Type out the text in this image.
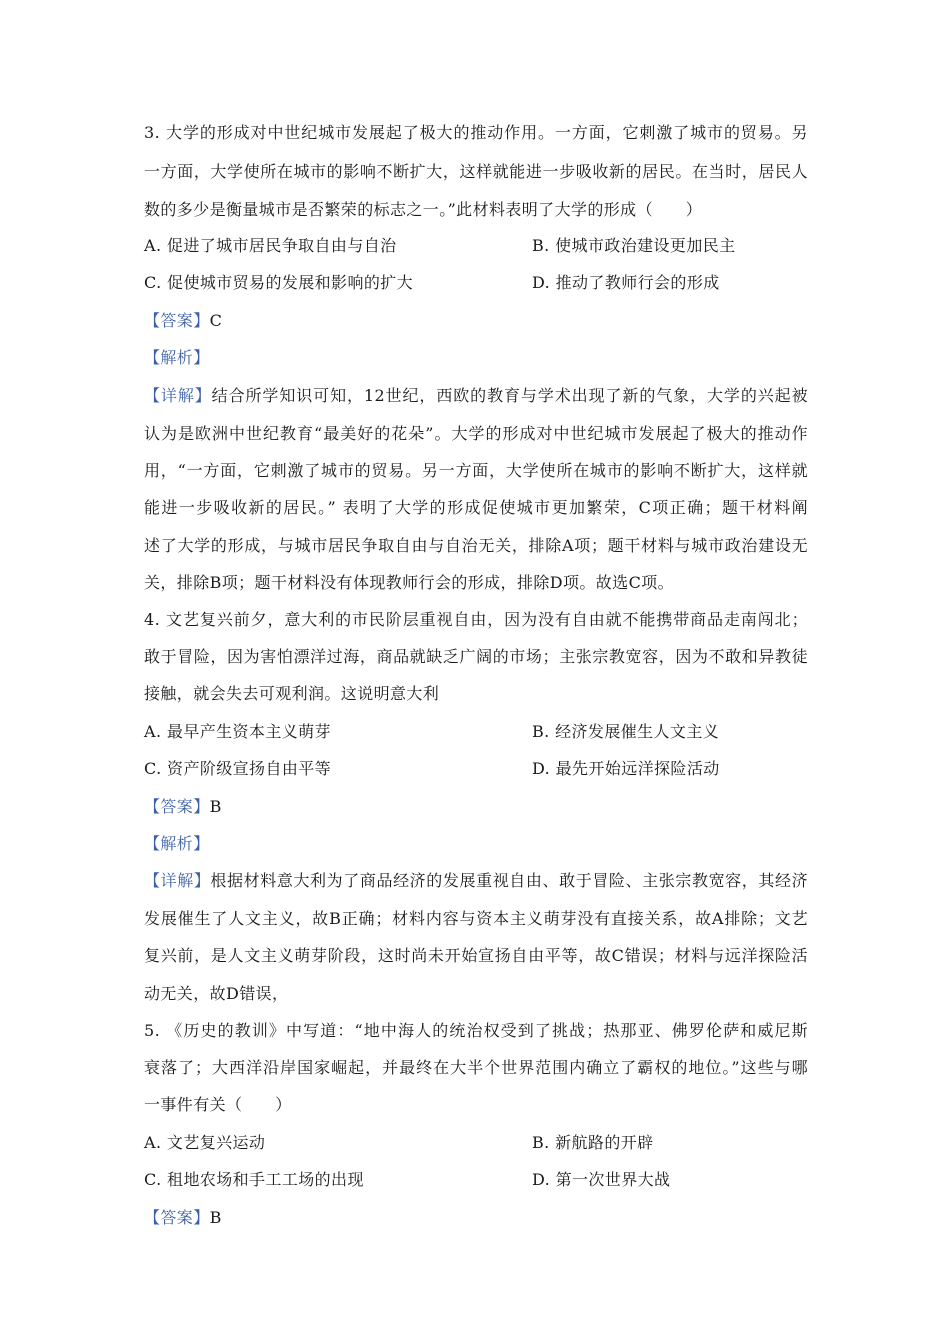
3. 大学的形成对中世纪城市发展起了极大的推动作用。一方面，它刺激了城市的贸易。另
一方面，大学使所在城市的影响不断扩大，这样就能进一步吸收新的居民。在当时，居民人
数的多少是衡量城市是否繁荣的标志之一。”此材料表明了大学的形成（　　）
A. 促进了城市居民争取自由与自治	B. 使城市政治建设更加民主
C. 促使城市贸易的发展和影响的扩大	D. 推动了教师行会的形成
【答案】C
【解析】
【详解】结合所学知识可知，12世纪，西欧的教育与学术出现了新的气象，大学的兴起被
认为是欧洲中世纪教育“最美好的花朵”。大学的形成对中世纪城市发展起了极大的推动作
用，“一方面，它刺激了城市的贸易。另一方面，大学使所在城市的影响不断扩大，这样就
能进一步吸收新的居民。” 表明了大学的形成促使城市更加繁荣，C项正确；题干材料阐
述了大学的形成，与城市居民争取自由与自治无关，排除A项；题干材料与城市政治建设无
关，排除B项；题干材料没有体现教师行会的形成，排除D项。故选C项。
4. 文艺复兴前夕，意大利的市民阶层重视自由，因为没有自由就不能携带商品走南闯北；
敢于冒险，因为害怕漂洋过海，商品就缺乏广阔的市场；主张宗教宽容，因为不敢和异教徒
接触，就会失去可观利润。这说明意大利
A. 最早产生资本主义萌芽	B. 经济发展催生人文主义
C. 资产阶级宣扬自由平等	D. 最先开始远洋探险活动
【答案】B
【解析】
【详解】根据材料意大利为了商品经济的发展重视自由、敢于冒险、主张宗教宽容，其经济
发展催生了人文主义，故B正确；材料内容与资本主义萌芽没有直接关系，故A排除；文艺
复兴前，是人文主义萌芽阶段，这时尚未开始宣扬自由平等，故C错误；材料与远洋探险活
动无关，故D错误，
5. 《历史的教训》中写道：“地中海人的统治权受到了挑战；热那亚、佛罗伦萨和威尼斯
衰落了；大西洋沿岸国家崛起，并最终在大半个世界范围内确立了霸权的地位。”这些与哪
一事件有关（　　）
A. 文艺复兴运动	B. 新航路的开辟
C. 租地农场和手工工场的出现	D. 第一次世界大战
【答案】B
